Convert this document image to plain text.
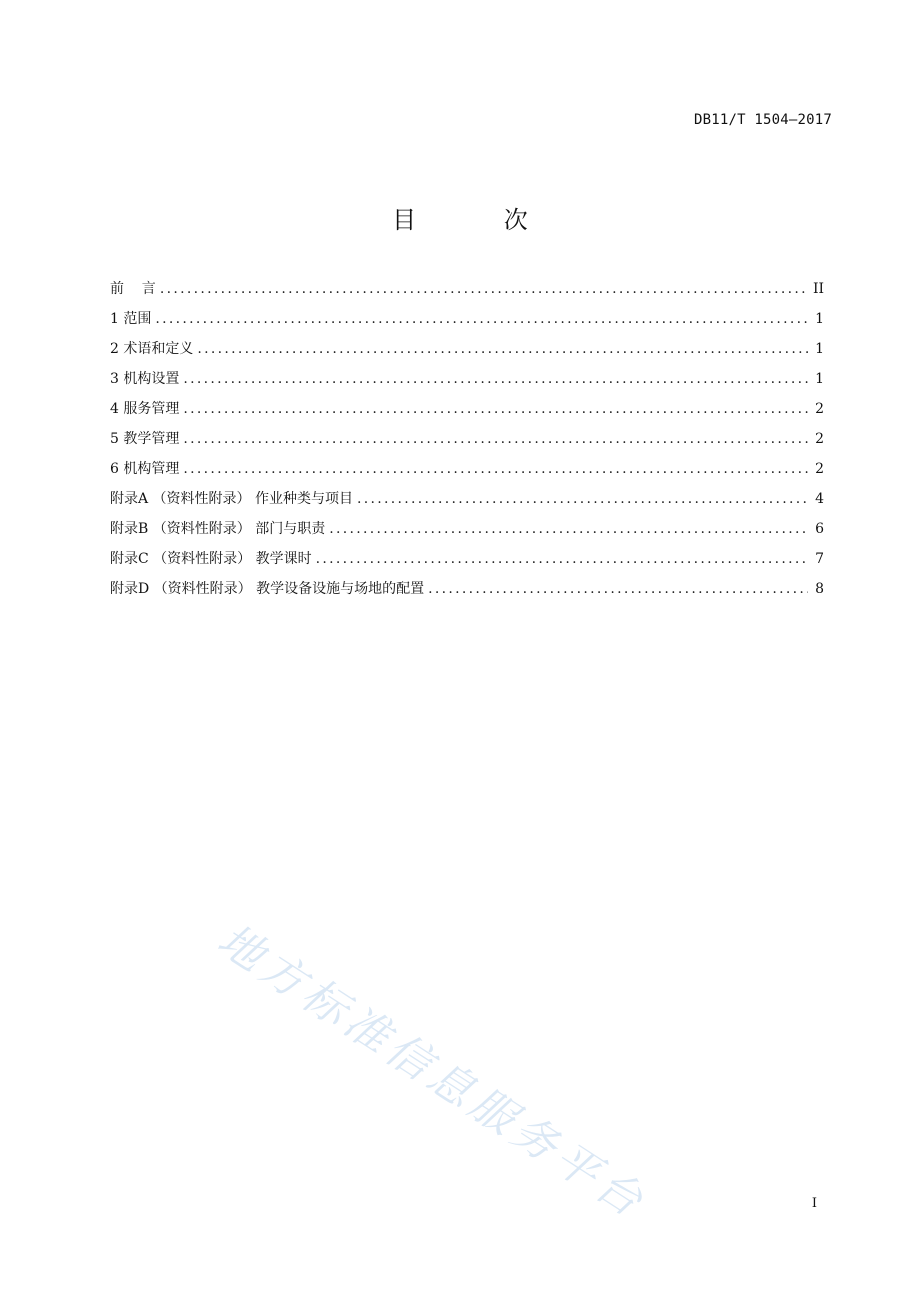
DB11/T 1504—2017
目 次
前    言 .....	II
1 范围 .....	1
2 术语和定义 .....	1
3 机构设置 .....	1
4 服务管理 .....	2
5 教学管理 .....	2
6 机构管理 .....	2
附录A （资料性附录） 作业种类与项目 .....	4
附录B （资料性附录） 部门与职责 .....	6
附录C （资料性附录） 教学课时 .....	7
附录D （资料性附录） 教学设备设施与场地的配置 .....	8
地方标准信息服务平台	I
